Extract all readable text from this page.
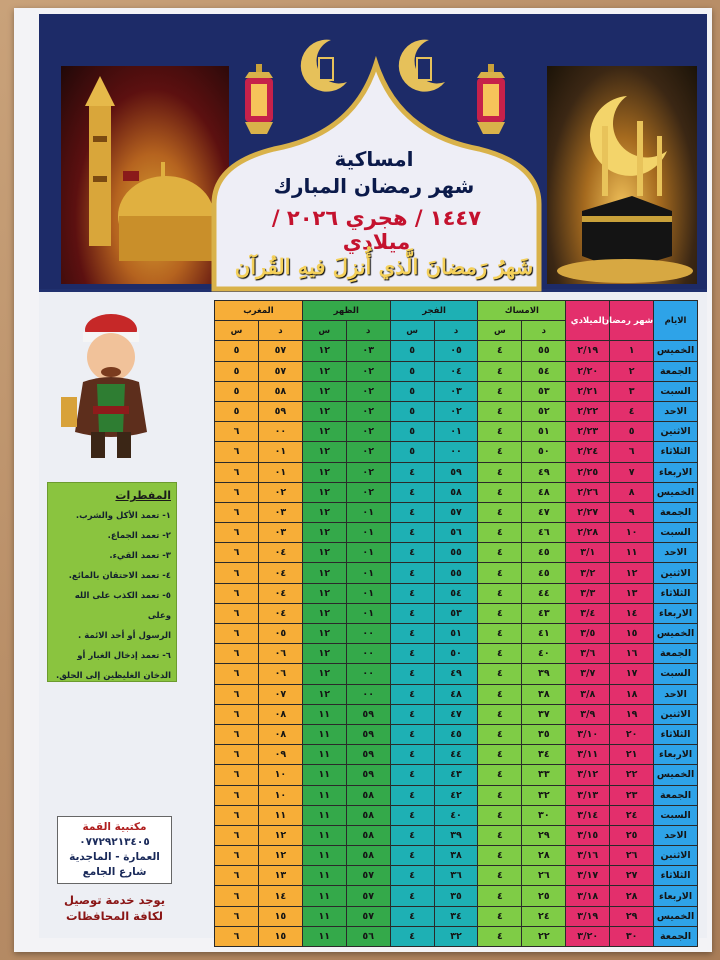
امساكية
شهر رمضان المبارك
١٤٤٧ / هجري ٢٠٢٦ / ميلادي
شَهرُ رَمضانَ الَّذي أُنزِلَ فيهِ القُرآن
المفطرات
١- تعمد الأكل والشرب.
٢- تعمد الجماع.
٣- تعمد القيء.
٤- تعمد الاحتقان بالمائع.
٥- تعمد الكذب على الله وعلى
الرسول أو أحد الائمة .
٦- تعمد إدخال الغبار أو
الدخان الغليظين إلى الحلق.
مكتبية القمة
٠٧٧٢٩٢١٣٤٠٥
العمارة - الماجدية
شارع الجامع
يوجد خدمة توصيل
لكافة المحافظات
الايام	شهر رمضان	الميلادي	الامساك		الفجر		الظهر		المغرب	
			د	س	د	س	د	س	د	س
الخميس	١	٢/١٩	٥٥	٤	٠٥	٥	٠٣	١٢	٥٧	٥
الجمعة	٢	٢/٢٠	٥٤	٤	٠٤	٥	٠٢	١٢	٥٧	٥
السبت	٣	٢/٢١	٥٣	٤	٠٣	٥	٠٢	١٢	٥٨	٥
الاحد	٤	٢/٢٢	٥٢	٤	٠٢	٥	٠٢	١٢	٥٩	٥
الاثنين	٥	٢/٢٣	٥١	٤	٠١	٥	٠٢	١٢	٠٠	٦
الثلاثاء	٦	٢/٢٤	٥٠	٤	٠٠	٥	٠٢	١٢	٠١	٦
الاربعاء	٧	٢/٢٥	٤٩	٤	٥٩	٤	٠٢	١٢	٠١	٦
الخميس	٨	٢/٢٦	٤٨	٤	٥٨	٤	٠٢	١٢	٠٢	٦
الجمعة	٩	٢/٢٧	٤٧	٤	٥٧	٤	٠١	١٢	٠٣	٦
السبت	١٠	٢/٢٨	٤٦	٤	٥٦	٤	٠١	١٢	٠٣	٦
الاحد	١١	٣/١	٤٥	٤	٥٥	٤	٠١	١٢	٠٤	٦
الاثنين	١٢	٣/٢	٤٥	٤	٥٥	٤	٠١	١٢	٠٤	٦
الثلاثاء	١٣	٣/٣	٤٤	٤	٥٤	٤	٠١	١٢	٠٤	٦
الاربعاء	١٤	٣/٤	٤٣	٤	٥٣	٤	٠١	١٢	٠٤	٦
الخميس	١٥	٣/٥	٤١	٤	٥١	٤	٠٠	١٢	٠٥	٦
الجمعة	١٦	٣/٦	٤٠	٤	٥٠	٤	٠٠	١٢	٠٦	٦
السبت	١٧	٣/٧	٣٩	٤	٤٩	٤	٠٠	١٢	٠٦	٦
الاحد	١٨	٣/٨	٣٨	٤	٤٨	٤	٠٠	١٢	٠٧	٦
الاثنين	١٩	٣/٩	٣٧	٤	٤٧	٤	٥٩	١١	٠٨	٦
الثلاثاء	٢٠	٣/١٠	٣٥	٤	٤٥	٤	٥٩	١١	٠٨	٦
الاربعاء	٢١	٣/١١	٣٤	٤	٤٤	٤	٥٩	١١	٠٩	٦
الخميس	٢٢	٣/١٢	٣٣	٤	٤٣	٤	٥٩	١١	١٠	٦
الجمعة	٢٣	٣/١٣	٣٢	٤	٤٢	٤	٥٨	١١	١٠	٦
السبت	٢٤	٣/١٤	٣٠	٤	٤٠	٤	٥٨	١١	١١	٦
الاحد	٢٥	٣/١٥	٢٩	٤	٣٩	٤	٥٨	١١	١٢	٦
الاثنين	٢٦	٣/١٦	٢٨	٤	٣٨	٤	٥٨	١١	١٢	٦
الثلاثاء	٢٧	٣/١٧	٢٦	٤	٣٦	٤	٥٧	١١	١٣	٦
الاربعاء	٢٨	٣/١٨	٢٥	٤	٣٥	٤	٥٧	١١	١٤	٦
الخميس	٢٩	٣/١٩	٢٤	٤	٣٤	٤	٥٧	١١	١٥	٦
الجمعة	٣٠	٣/٢٠	٢٢	٤	٣٢	٤	٥٦	١١	١٥	٦
